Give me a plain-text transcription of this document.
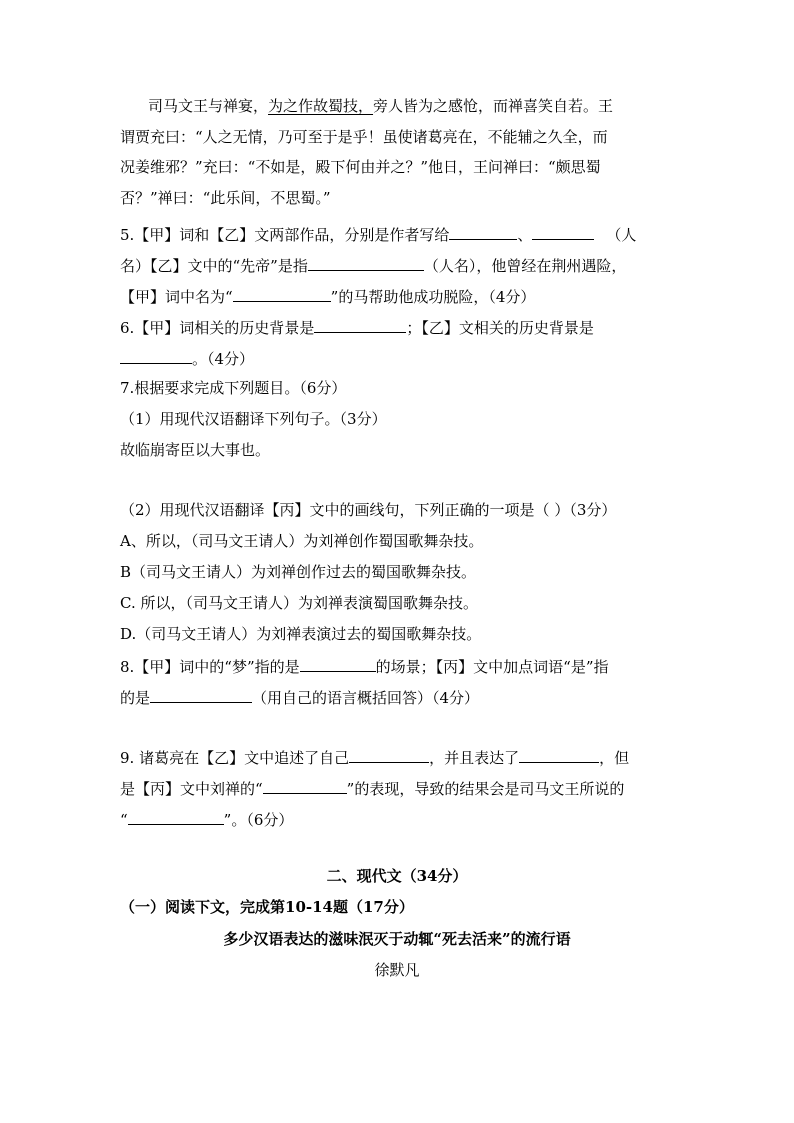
司马文王与禅宴，为之作故蜀技，旁人皆为之感怆，而禅喜笑自若。王
谓贾充曰：“人之无情，乃可至于是乎！虽使诸葛亮在，不能辅之久全，而
况姜维邪？”充曰：“不如是，殿下何由并之？”他日，王问禅曰：“颇思蜀
否？”禅曰：“此乐间，不思蜀。”
5.【甲】词和【乙】文两部作品，分别是作者写给	、	（人
名）【乙】文中的“先帝”是指	（人名），他曾经在荆州遇险，
【甲】词中名为“	”的马帮助他成功脱险，（4分）
6.【甲】词相关的历史背景是	；【乙】文相关的历史背景是
。（4分）
7.根据要求完成下列题目。（6分）
（1）用现代汉语翻译下列句子。（3分）
故临崩寄臣以大事也。
（2）用现代汉语翻译【丙】文中的画线句，下列正确的一项是（ ）（3分）
A、所以，（司马文王请人）为刘禅创作蜀国歌舞杂技。
B（司马文王请人）为刘禅创作过去的蜀国歌舞杂技。
C. 所以，（司马文王请人）为刘禅表演蜀国歌舞杂技。
D.（司马文王请人）为刘禅表演过去的蜀国歌舞杂技。
8.【甲】词中的“梦”指的是	的场景；【丙】文中加点词语“是”指
的是	（用自己的语言概括回答）（4分）
9. 诸葛亮在【乙】文中追述了自己	，并且表达了	，但
是【丙】文中刘禅的“	”的表现，导致的结果会是司马文王所说的
“	”。（6分）
二、现代文（34分）
（一）阅读下文，完成第10-14题（17分）
多少汉语表达的滋味泯灭于动辄“死去活来”的流行语
徐默凡
